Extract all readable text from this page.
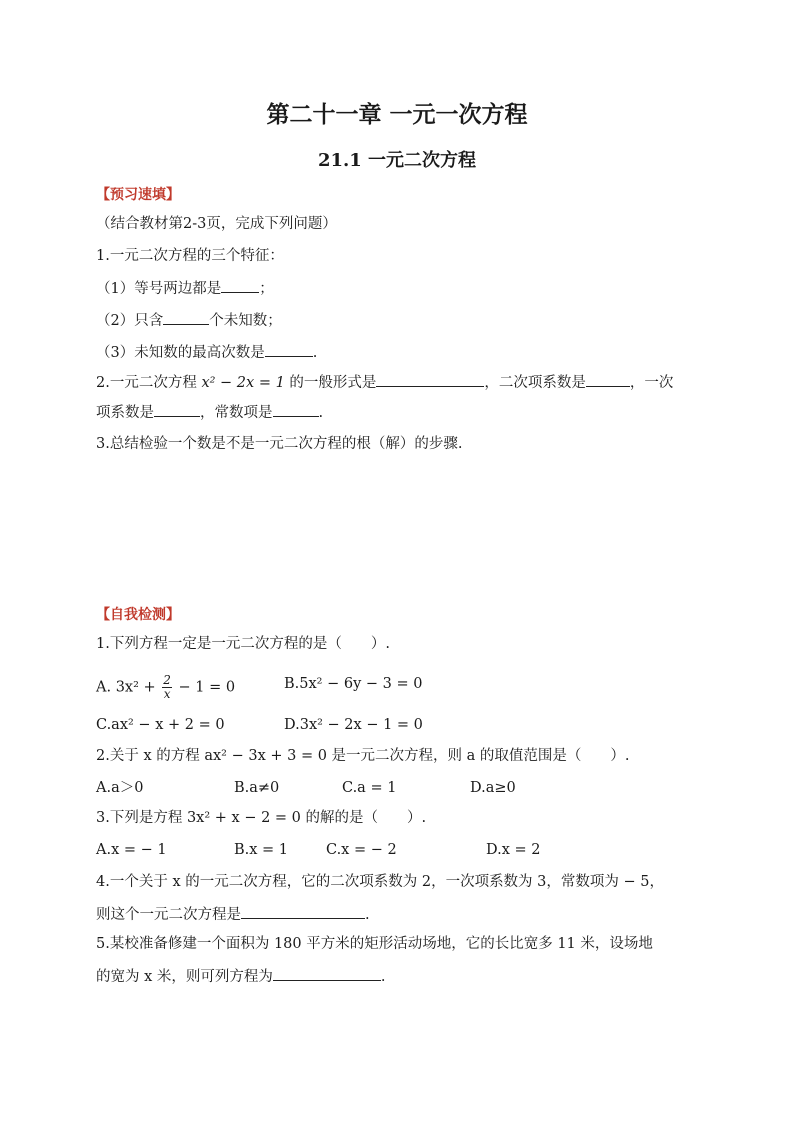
第二十一章 一元一次方程
21.1 一元二次方程
【预习速填】
（结合教材第2-3页，完成下列问题）
1.一元二次方程的三个特征：
（1）等号两边都是	；
（2）只含	个未知数；
（3）未知数的最高次数是	.
2.一元二次方程 x² − 2x = 1 的一般形式是	，二次项系数是	，一次
项系数是	，常数项是	.
3.总结检验一个数是不是一元二次方程的根（解）的步骤.
【自我检测】
1.下列方程一定是一元二次方程的是（　　）.
A. $3x^2 + \frac{2}{x} - 1 = 0$	B.5x² − 6y − 3 = 0
C.ax² − x + 2 = 0	D.3x² − 2x − 1 = 0
2.关于 x 的方程 ax² − 3x + 3 = 0 是一元二次方程，则 a 的取值范围是（　　）.
A.a＞0	B.a≠0	C.a = 1	D.a≥0
3.下列是方程 3x² + x − 2 = 0 的解的是（　　）.
A.x = − 1	B.x = 1	C.x = − 2	D.x = 2
4.一个关于 x 的一元二次方程，它的二次项系数为 2，一次项系数为 3，常数项为 − 5，
则这个一元二次方程是	.
5.某校准备修建一个面积为 180 平方米的矩形活动场地，它的长比宽多 11 米，设场地
的宽为 x 米，则可列方程为	.
